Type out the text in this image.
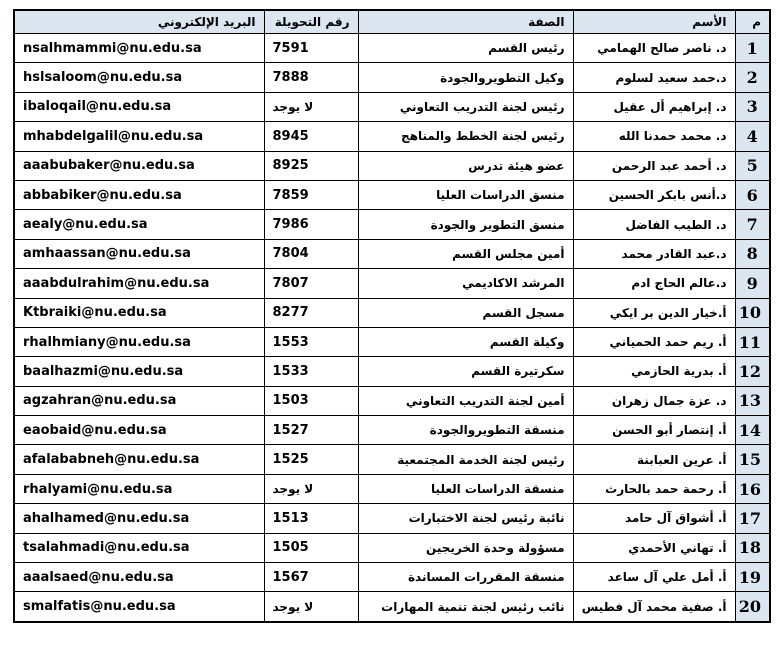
م	الأسم	الصفة	رقم التحويلة	البريد الإلكتروني
1	د. ناصر صالح الهمامي	رئيس القسم	7591	nsalhmammi@nu.edu.sa
2	د.حمد سعيد لسلوم	وكيل التطويروالجودة	7888	hslsaloom@nu.edu.sa
3	د. إبراهيم أل عقيل	رئيس لجنة التدريب التعاوني	لا يوجد	ibaloqail@nu.edu.sa
4	د. محمد حمدنا الله	رئيس لجنة الخطط والمناهج	8945	mhabdelgalil@nu.edu.sa
5	د. أحمد عبد الرحمن	عضو هيئة تدرس	8925	aaabubaker@nu.edu.sa
6	د.أنس بابكر الحسين	منسق الدراسات العليا	7859	abbabiker@nu.edu.sa
7	د. الطيب الفاضل	منسق التطوير والجودة	7986	aealy@nu.edu.sa
8	د.عبد القادر محمد	أمين مجلس القسم	7804	amhaassan@nu.edu.sa
9	د.عالم الحاج ادم	المرشد الاكاديمي	7807	aaabdulrahim@nu.edu.sa
10	أ.خيار الدين بر ايكي	مسجل القسم	8277	Ktbraiki@nu.edu.sa
11	أ. ريم حمد الحمياني	وكيلة القسم	1553	rhalhmiany@nu.edu.sa
12	أ. بدرية الحازمي	سكرتيرة القسم	1533	baalhazmi@nu.edu.sa
13	د. عزة جمال زهران	أمين لجنة التدريب التعاوني	1503	agzahran@nu.edu.sa
14	أ. إنتصار أبو الحسن	منسقة التطويروالجودة	1527	eaobaid@nu.edu.sa
15	أ. عرين العبابنة	رئيس لجنة الخدمة المجتمعية	1525	afalababneh@nu.edu.sa
16	أ. رحمة حمد بالحارث	منسقة الدراسات العليا	لا يوجد	rhalyami@nu.edu.sa
17	أ. أشواق آل حامد	نائبة رئيس لجنة الاختبارات	1513	ahalhamed@nu.edu.sa
18	أ. تهاني الأحمدي	مسؤولة وحدة الخريجين	1505	tsalahmadi@nu.edu.sa
19	أ. أمل علي آل ساعد	منسقة المقررات المساندة	1567	aaalsaed@nu.edu.sa
20	أ. صفية محمد آل فطيس	نائب رئيس لجنة تنمية المهارات	لا يوجد	smalfatis@nu.edu.sa
